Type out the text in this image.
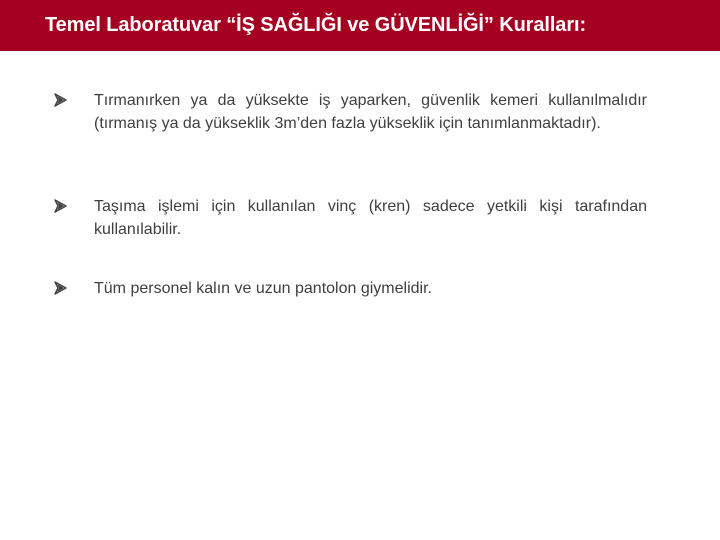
Temel Laboratuvar “İŞ SAĞLIĞI ve GÜVENLİĞİ” Kuralları:

Tırmanırken ya da yüksekte iş yaparken, güvenlik kemeri kullanılmalıdır (tırmanış ya da yükseklik 3m’den fazla yükseklik için tanımlanmaktadır).

Taşıma işlemi için kullanılan vinç (kren) sadece yetkili kişi tarafından kullanılabilir.

Tüm personel kalın ve uzun pantolon giymelidir.
